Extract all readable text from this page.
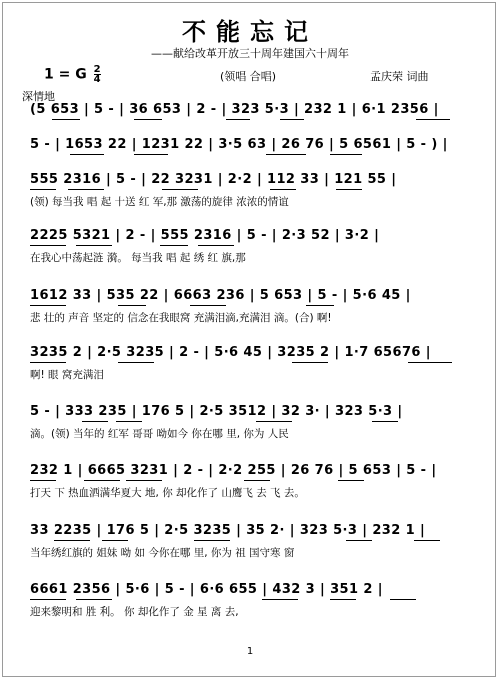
不能忘记
——献给改革开放三十周年建国六十周年
1 = G $\frac{2}{4}$	(领唱 合唱)	孟庆荣 词曲
深情地
(5 653 | 5 - | 36 653 | 2 - | 323 5·3 | 232 1 | 6·1 2356 |
5 - | 1653 22 | 1231 22 | 3·5 63 | 26 76 | 5 6561 | 5 - ) |
555 2316 | 5 - | 22 3231 | 2·2 | 112 33 | 121 55 |
(领) 每当我 唱 起 十送 红 军,那 激荡的旋律 浓浓的情谊
2225 5321 | 2 - | 555 2316 | 5 - | 2·3 52 | 3·2 |
在我心中荡起涟 漪。 每当我 唱 起 绣 红 旗,那
1612 33 | 535 22 | 6663 236 | 5 653 | 5 - | 5·6 45 |
悲 壮的 声音 坚定的 信念在我眼窝 充满泪滴,充满泪 滴。(合) 啊!
3235 2 | 2·5 3235 | 2 - | 5·6 45 | 3235 2 | 1·7 65676 |
啊! 眼 窝充满泪
5 - | 333 235 | 176 5 | 2·5 3512 | 32 3· | 323 5·3 |
滴。(领) 当年的 红军 哥哥 呦如今 你在哪 里, 你为 人民
232 1 | 6665 3231 | 2 - | 2·2 255 | 26 76 | 5 653 | 5 - |
打天 下 热血洒满华夏大 地, 你 却化作了 山鹰飞 去 飞 去。
33 2235 | 176 5 | 2·5 3235 | 35 2· | 323 5·3 | 232 1 |
当年绣红旗的 姐妹 呦 如 今你在哪 里, 你为 祖 国守寒 窗
6661 2356 | 5·6 | 5 - | 6·6 655 | 432 3 | 351 2 |
迎来黎明和 胜 利。 你 却化作了 金 星 离 去,
1
